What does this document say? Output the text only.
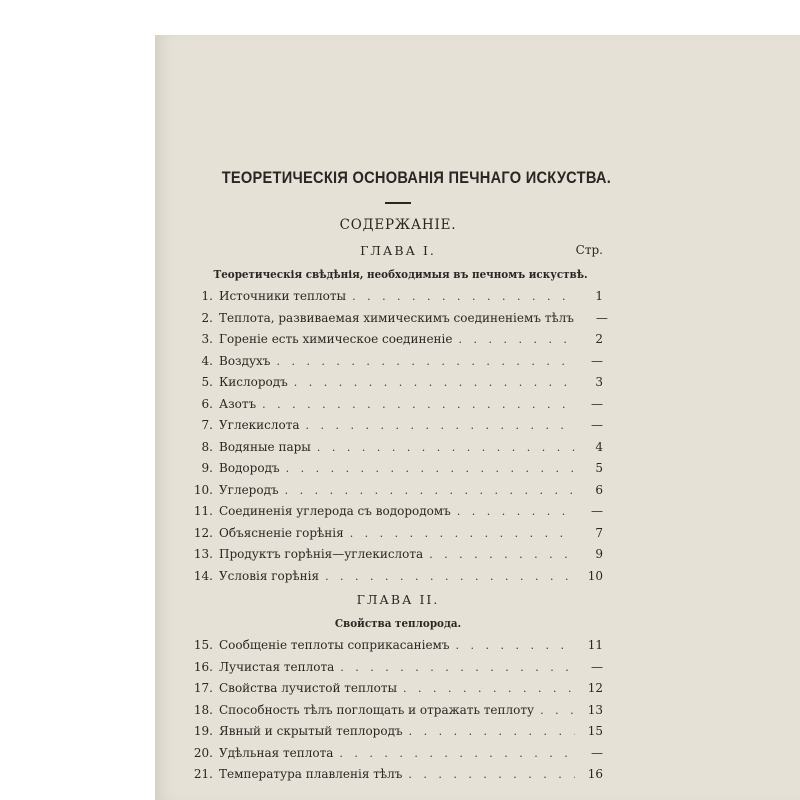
ТЕОРЕТИЧЕСКІЯ ОСНОВАНІЯ ПЕЧНАГО ИСКУСТВА.
СОДЕРЖАНІЕ.
ГЛАВА I.	Стр.
Теоретическія свѣдѣнія, необходимыя въ печномъ искуствѣ.
1. Источники теплоты . . .	1
2. Теплота, развиваемая химическимъ соединеніемъ тѣлъ	—
3. Гореніе есть химическое соединеніе . . .	2
4. Воздухъ . . .	—
5. Кислородъ . . .	3
6. Азотъ . . .	—
7. Углекислота . . .	—
8. Водяные пары . . .	4
9. Водородъ . . .	5
10. Углеродъ . . .	6
11. Соединенія углерода съ водородомъ . . .	—
12. Объясненіе горѣнія . . .	7
13. Продуктъ горѣнія—углекислота . . .	9
14. Условія горѣнія . . .	10
ГЛАВА II.
Свойства теплорода.
15. Сообщеніе теплоты соприкасаніемъ . . .	11
16. Лучистая теплота . . .	—
17. Свойства лучистой теплоты . . .	12
18. Способность тѣлъ поглощать и отражать теплоту . . .	13
19. Явный и скрытый теплородъ . . .	15
20. Удѣльная теплота . . .	—
21. Температура плавленія тѣлъ . . .	16
